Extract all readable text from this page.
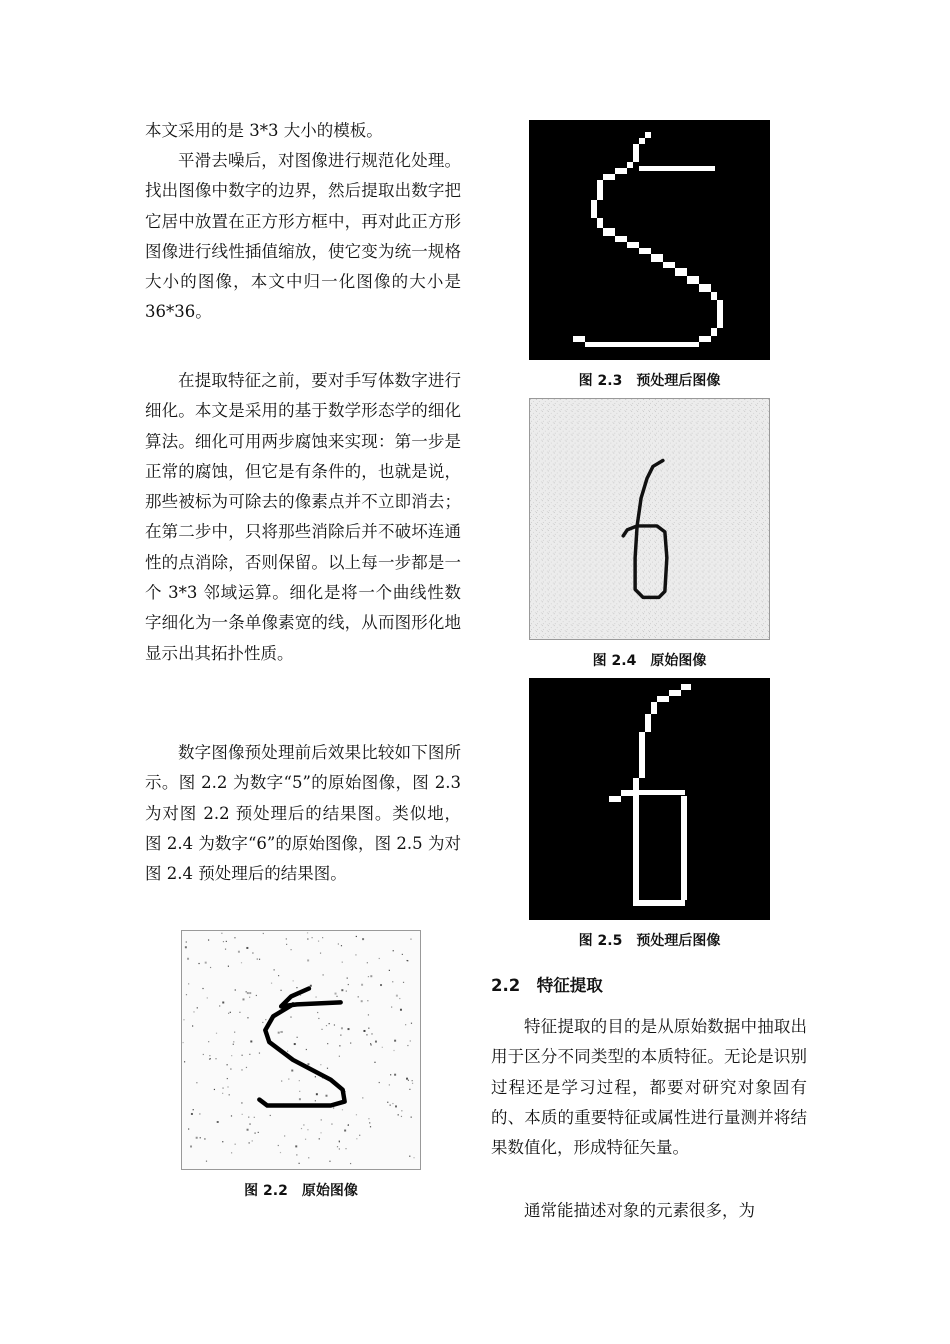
本文采用的是 3*3 大小的模板。

平滑去噪后，对图像进行规范化处理。找出图像中数字的边界，然后提取出数字把它居中放置在正方形方框中，再对此正方形图像进行线性插值缩放，使它变为统一规格大小的图像，本文中归一化图像的大小是36*36。

在提取特征之前，要对手写体数字进行细化。本文是采用的基于数学形态学的细化算法。细化可用两步腐蚀来实现：第一步是正常的腐蚀，但它是有条件的，也就是说，那些被标为可除去的像素点并不立即消去；在第二步中，只将那些消除后并不破坏连通性的点消除，否则保留。以上每一步都是一个 3*3 邻域运算。细化是将一个曲线性数字细化为一条单像素宽的线，从而图形化地显示出其拓扑性质。

数字图像预处理前后效果比较如下图所示。图 2.2 为数字“5”的原始图像，图 2.3 为对图 2.2 预处理后的结果图。类似地，图 2.4 为数字“6”的原始图像，图 2.5 为对图 2.4 预处理后的结果图。

图 2.2　原始图像
图 2.3　预处理后图像
图 2.4　原始图像
图 2.5　预处理后图像
2.2　特征提取

特征提取的目的是从原始数据中抽取出用于区分不同类型的本质特征。无论是识别过程还是学习过程，都要对研究对象固有的、本质的重要特征或属性进行量测并将结果数值化，形成特征矢量。

通常能描述对象的元素很多，为
